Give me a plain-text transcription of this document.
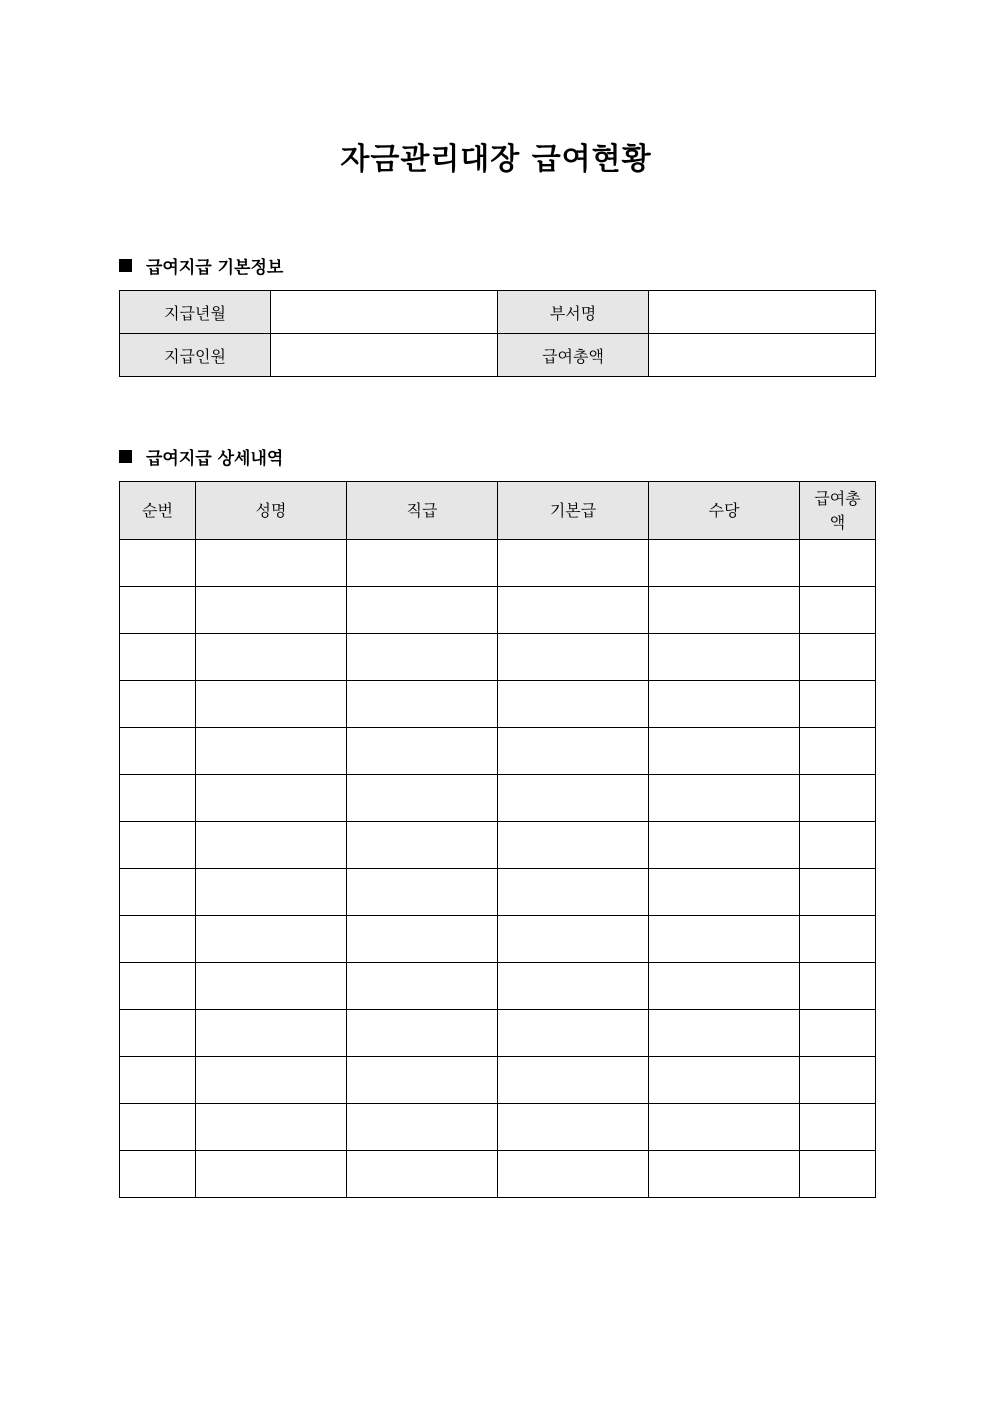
자금관리대장 급여현황
급여지급 기본정보
지급년월		부서명	
지급인원		급여총액	
급여지급 상세내역
순번	성명	직급	기본급	수당	급여총액
